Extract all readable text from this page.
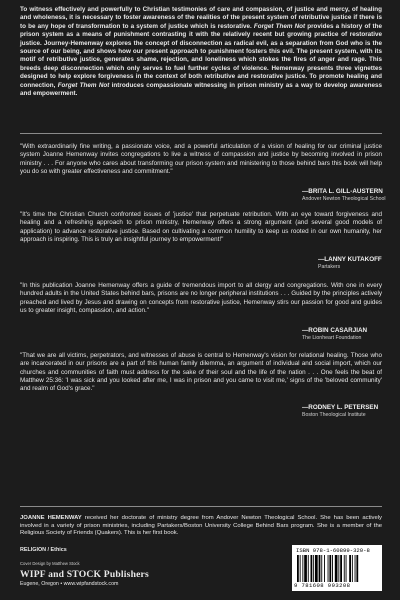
To witness effectively and powerfully to Christian testimonies of care and compassion, of justice and mercy, of healing and wholeness, it is necessary to foster awareness of the realities of the present system of retributive justice if there is to be any hope of transformation to a system of justice which is restorative. Forget Them Not provides a history of the prison system as a means of punishment contrasting it with the relatively recent but growing practice of restorative justice. Journey-Hemenway explores the concept of disconnection as radical evil, as a separation from God who is the source of our being, and shows how our present approach to punishment fosters this evil. The present system, with its motif of retributive justice, generates shame, rejection, and loneliness which stokes the fires of anger and rage. This breeds deep disconnection which only serves to fuel further cycles of violence. Hemenway presents three vignettes designed to help explore forgiveness in the context of both retributive and restorative justice. To promote healing and connection, Forget Them Not introduces compassionate witnessing in prison ministry as a way to develop awareness and empowerment.
"With extraordinarily fine writing, a passionate voice, and a powerful articulation of a vision of healing for our criminal justice system Joanne Hemenway invites congregations to live a witness of compassion and justice by becoming involved in prison ministry . . . For anyone who cares about transforming our prison system and ministering to those behind bars this book will help you do so with greater effectiveness and commitment."
—BRITA L. GILL-AUSTERN
Andover Newton Theological School
"It's time the Christian Church confronted issues of 'justice' that perpetuate retribution. With an eye toward forgiveness and healing and a refreshing approach to prison ministry, Hemenway offers a strong argument (and several good models of application) to advance restorative justice. Based on cultivating a common humility to keep us rooted in our own humanity, her approach is inspiring. This is truly an insightful journey to empowerment!"
—LANNY KUTAKOFF
Partakers
"In this publication Joanne Hemenway offers a guide of tremendous import to all clergy and congregations. With one in every hundred adults in the United States behind bars, prisons are no longer peripheral institutions . . . Guided by the principles actively preached and lived by Jesus and drawing on concepts from restorative justice, Hemenway stirs our passion for good and guides us to greater insight, compassion, and action."
—ROBIN CASARJIAN
The Lionheart Foundation
"That we are all victims, perpetrators, and witnesses of abuse is central to Hemenway's vision for relational healing. Those who are incarcerated in our prisons are a part of this human family dilemma, an argument of individual and social import, which our churches and communities of faith must address for the sake of their soul and the life of the nation . . . One feels the beat of Matthew 25:36: 'I was sick and you looked after me, I was in prison and you came to visit me,' signs of the 'beloved community' and realm of God's grace."
—RODNEY L. PETERSEN
Boston Theological Institute
JOANNE HEMENWAY received her doctorate of ministry degree from Andover Newton Theological School. She has been actively involved in a variety of prison ministries, including Partakers/Boston University College Behind Bars program. She is a member of the Religious Society of Friends (Quakers). This is her first book.
RELIGION / Ethics
Cover Design by Matthew Stock
WIPF and STOCK Publishers
Eugene, Oregon • www.wipfandstock.com
ISBN 978-1-60899-320-8
9 781608 993208
